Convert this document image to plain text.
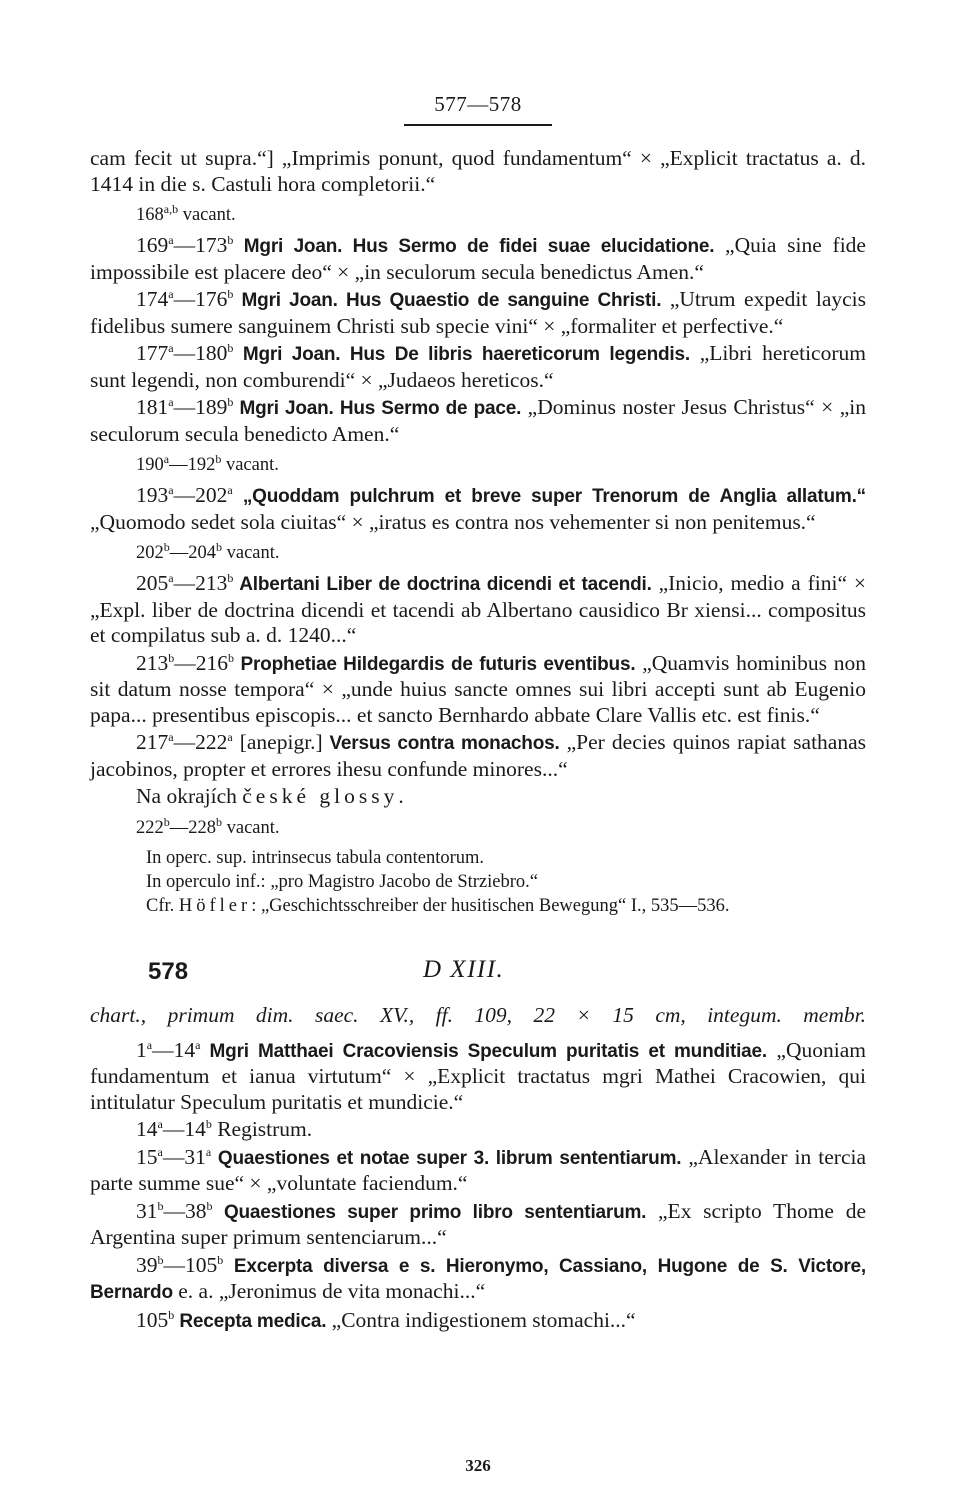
577—578

cam fecit ut supra.“] „Imprimis ponunt, quod fundamentum“ × „Explicit tractatus a. d. 1414 in die s. Castuli hora completorii.“

168$^{a,b}$ vacant.

169$^a$—173$^b$ Mgri Joan. Hus Sermo de fidei suae elucidatione. „Quia sine fide impossibile est placere deo“ × „in seculorum secula benedictus Amen.“

174$^a$—176$^b$ Mgri Joan. Hus Quaestio de sanguine Christi. „Utrum expedit laycis fidelibus sumere sanguinem Christi sub specie vini“ × „formaliter et perfective.“

177$^a$—180$^b$ Mgri Joan. Hus De libris haereticorum legendis. „Libri hereticorum sunt legendi, non comburendi“ × „Judaeos hereticos.“

181$^a$—189$^b$ Mgri Joan. Hus Sermo de pace. „Dominus noster Jesus Christus“ × „in seculorum secula benedicto Amen.“

190$^a$—192$^b$ vacant.

193$^a$—202$^a$ „Quoddam pulchrum et breve super Trenorum de Anglia allatum.“ „Quomodo sedet sola ciuitas“ × „iratus es contra nos vehementer si non penitemus.“

202$^b$—204$^b$ vacant.

205$^a$—213$^b$ Albertani Liber de doctrina dicendi et tacendi. „Inicio, medio a fini“ × „Expl. liber de doctrina dicendi et tacendi ab Albertano causidico Br xiensi... compositus et compilatus sub a. d. 1240...“

213$^b$—216$^b$ Prophetiae Hildegardis de futuris eventibus. „Quamvis hominibus non sit datum nosse tempora“ × „unde huius sancte omnes sui libri accepti sunt ab Eugenio papa... presentibus episcopis... et sancto Bernhardo abbate Clare Vallis etc. est finis.“

217$^a$—222$^a$ [anepigr.] Versus contra monachos. „Per decies quinos rapiat sathanas jacobinos, propter et errores ihesu confunde minores...“

Na okrajích české glossy.

222$^b$—228$^b$ vacant.

In operc. sup. intrinsecus tabula contentorum.

In operculo inf.: „pro Magistro Jacobo de Strziebro.“

Cfr. Höfler: „Geschichtsschreiber der husitischen Bewegung“ I., 535—536.

578	D XIII.

chart., primum dim. saec. XV., ff. 109, 22 × 15 cm, integum. membr.

1$^a$—14$^a$ Mgri Matthaei Cracoviensis Speculum puritatis et munditiae. „Quoniam fundamentum et ianua virtutum“ × „Explicit tractatus mgri Mathei Cracowien, qui intitulatur Speculum puritatis et mundicie.“

14$^a$—14$^b$ Registrum.

15$^a$—31$^a$ Quaestiones et notae super 3. librum sententiarum. „Alexander in tercia parte summe sue“ × „voluntate faciendum.“

31$^b$—38$^b$ Quaestiones super primo libro sententiarum. „Ex scripto Thome de Argentina super primum sentenciarum...“

39$^b$—105$^b$ Excerpta diversa e s. Hieronymo, Cassiano, Hugone de S. Victore, Bernardo e. a. „Jeronimus de vita monachi...“

105$^b$ Recepta medica. „Contra indigestionem stomachi...“

326
